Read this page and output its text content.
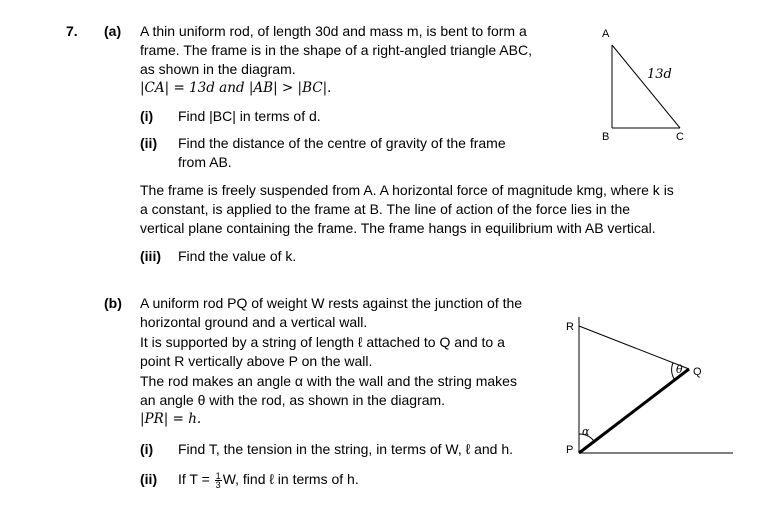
7. (a) A thin uniform rod, of length 30d and mass m, is bent to form a
frame. The frame is in the shape of a right-angled triangle ABC,
as shown in the diagram.
|CA| = 13d and |AB| > |BC|.
(i) Find |BC| in terms of d.
(ii) Find the distance of the centre of gravity of the frame
from AB.
The frame is freely suspended from A. A horizontal force of magnitude kmg, where k is
a constant, is applied to the frame at B. The line of action of the force lies in the
vertical plane containing the frame. The frame hangs in equilibrium with AB vertical.
(iii) Find the value of k.
(b) A uniform rod PQ of weight W rests against the junction of the
horizontal ground and a vertical wall.
It is supported by a string of length ℓ attached to Q and to a
point R vertically above P on the wall.
The rod makes an angle α with the wall and the string makes
an angle θ with the rod, as shown in the diagram.
|PR| = h.
(i) Find T, the tension in the string, in terms of W, ℓ and h.
(ii) If $T = \frac{1}{3} W$, find ℓ in terms of h.
A
B	C
13d
R
P
Q
α
θ
